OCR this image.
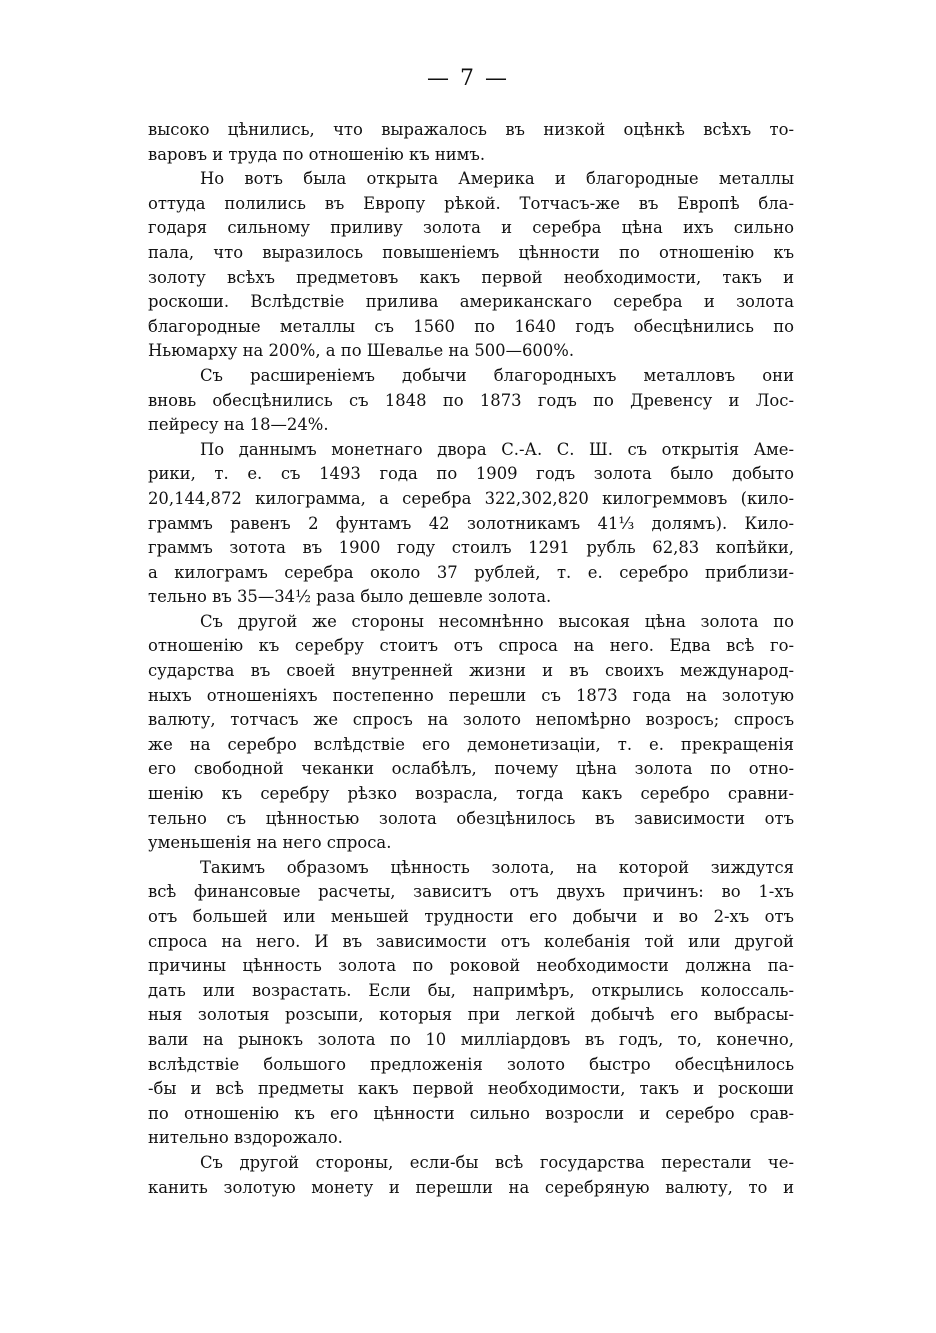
— 7 —
высоко цѣнились, что выражалось въ низкой оцѣнкѣ всѣхъ то-
варовъ и труда по отношенію къ нимъ.
Но вотъ была открыта Америка и благородные металлы
оттуда полились въ Европу рѣкой. Тотчасъ-же въ Европѣ бла-
годаря сильному приливу золота и серебра цѣна ихъ сильно
пала, что выразилось повышеніемъ цѣнности по отношенію къ
золоту всѣхъ предметовъ какъ первой необходимости, такъ и
роскоши. Вслѣдствіе прилива американскаго серебра и золота
благородные металлы съ 1560 по 1640 годъ обесцѣнились по
Ньюмарху на 200%, а по Шевалье на 500—600%.
Съ расширеніемъ добычи благородныхъ металловъ они
вновь обесцѣнились съ 1848 по 1873 годъ по Древенсу и Лос-
пейресу на 18—24%.
По даннымъ монетнаго двора С.-А. С. Ш. съ открытія Аме-
рики, т. е. съ 1493 года по 1909 годъ золота было добыто
20,144,872 килограмма, а серебра 322,302,820 килогреммовъ (кило-
граммъ равенъ 2 фунтамъ 42 золотникамъ 41⅓ долямъ). Кило-
граммъ зотота въ 1900 году стоилъ 1291 рубль 62,83 копѣйки,
а килограмъ серебра около 37 рублей, т. е. серебро приблизи-
тельно въ 35—34½ раза было дешевле золота.
Съ другой же стороны несомнѣнно высокая цѣна золота по
отношенію къ серебру стоитъ отъ спроса на него. Едва всѣ го-
сударства въ своей внутренней жизни и въ своихъ международ-
ныхъ отношеніяхъ постепенно перешли съ 1873 года на золотую
валюту, тотчасъ же спросъ на золото непомѣрно возросъ; спросъ
же на серебро вслѣдствіе его демонетизаціи, т. е. прекращенія
его свободной чеканки ослабѣлъ, почему цѣна золота по отно-
шенію къ серебру рѣзко возрасла, тогда какъ серебро сравни-
тельно съ цѣнностью золота обезцѣнилось въ зависимости отъ
уменьшенія на него спроса.
Такимъ образомъ цѣнность золота, на которой зиждутся
всѣ финансовые расчеты, зависитъ отъ двухъ причинъ: во 1-хъ
отъ большей или меньшей трудности его добычи и во 2-хъ отъ
спроса на него. И въ зависимости отъ колебанія той или другой
причины цѣнность золота по роковой необходимости должна па-
дать или возрастать. Если бы, напримѣръ, открылись колоссаль-
ныя золотыя розсыпи, которыя при легкой добычѣ его выбрасы-
вали на рынокъ золота по 10 милліардовъ въ годъ, то, конечно,
вслѣдствіе большого предложенія золото быстро обесцѣнилось
-бы и всѣ предметы какъ первой необходимости, такъ и роскоши
по отношенію къ его цѣнности сильно возросли и серебро срав-
нительно вздорожало.
Съ другой стороны, если-бы всѣ государства перестали че-
канить золотую монету и перешли на серебряную валюту, то и
